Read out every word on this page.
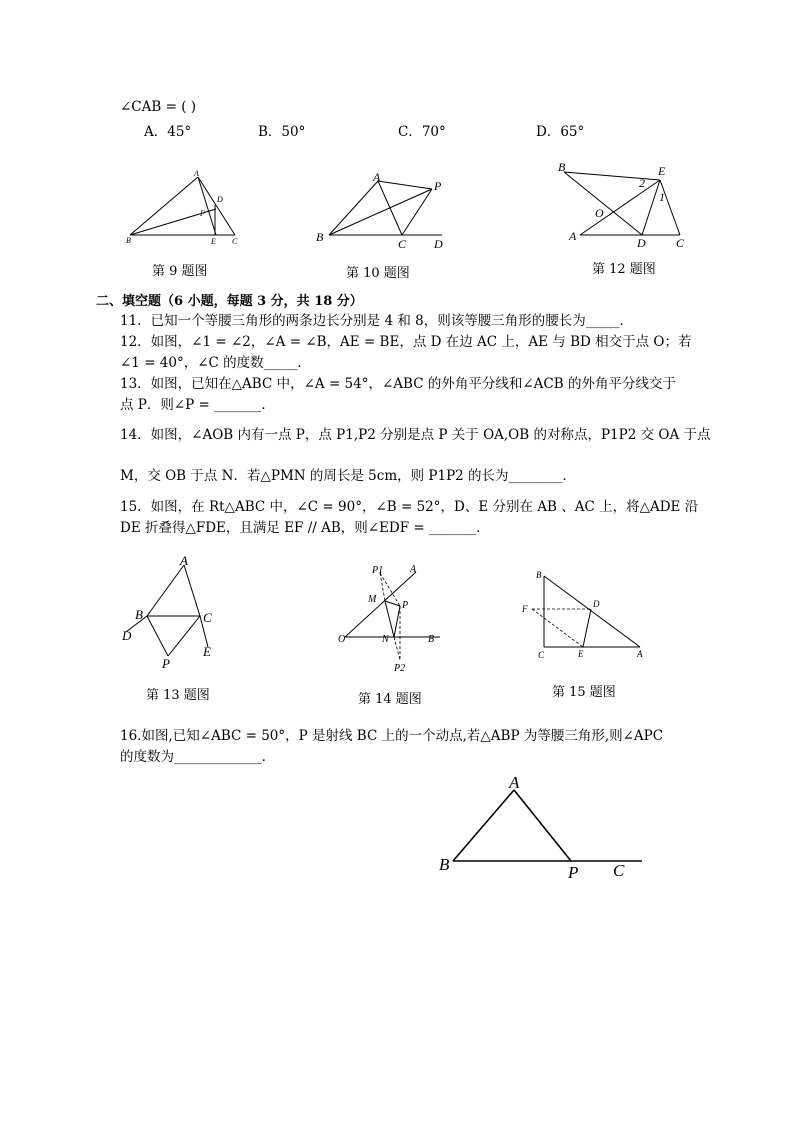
∠CAB = ( )
A．45°	B．50°	C．70°	D．65°
A
D
F
B	E C
第 9 题图
A
P
B	C D
第 10 题图
B	E
2
1
O
A	D	C
第 12 题图
二、填空题（6 小题，每题 3 分，共 18 分）
11．已知一个等腰三角形的两条边长分别是 4 和 8，则该等腰三角形的腰长为_____．
12．如图，∠1 = ∠2，∠A = ∠B，AE = BE，点 D 在边 AC 上，AE 与 BD 相交于点 O；若
∠1 = 40°，∠C 的度数_____．
13．如图，已知在△ABC 中，∠A = 54°，∠ABC 的外角平分线和∠ACB 的外角平分线交于
点 P．则∠P = _______．
14．如图，∠AOB 内有一点 P，点 P1,P2 分别是点 P 关于 OA,OB 的对称点，P1P2 交 OA 于点
M，交 OB 于点 N．若△PMN 的周长是 5cm，则 P1P2 的长为________．
15．如图，在 Rt△ABC 中，∠C = 90°，∠B = 52°，D、E 分别在 AB 、AC 上，将△ADE 沿
DE 折叠得△FDE，且满足 EF // AB，则∠EDF = _______．
A
B	C
D
E
P
第 13 题图
P1	A
M
P
O	N	B
P2
第 14 题图
B
F	D
C	E	A
第 15 题图
16.如图,已知∠ABC = 50°，P 是射线 BC 上的一个动点,若△ABP 为等腰三角形,则∠APC
的度数为_____________．
A
B	P C
